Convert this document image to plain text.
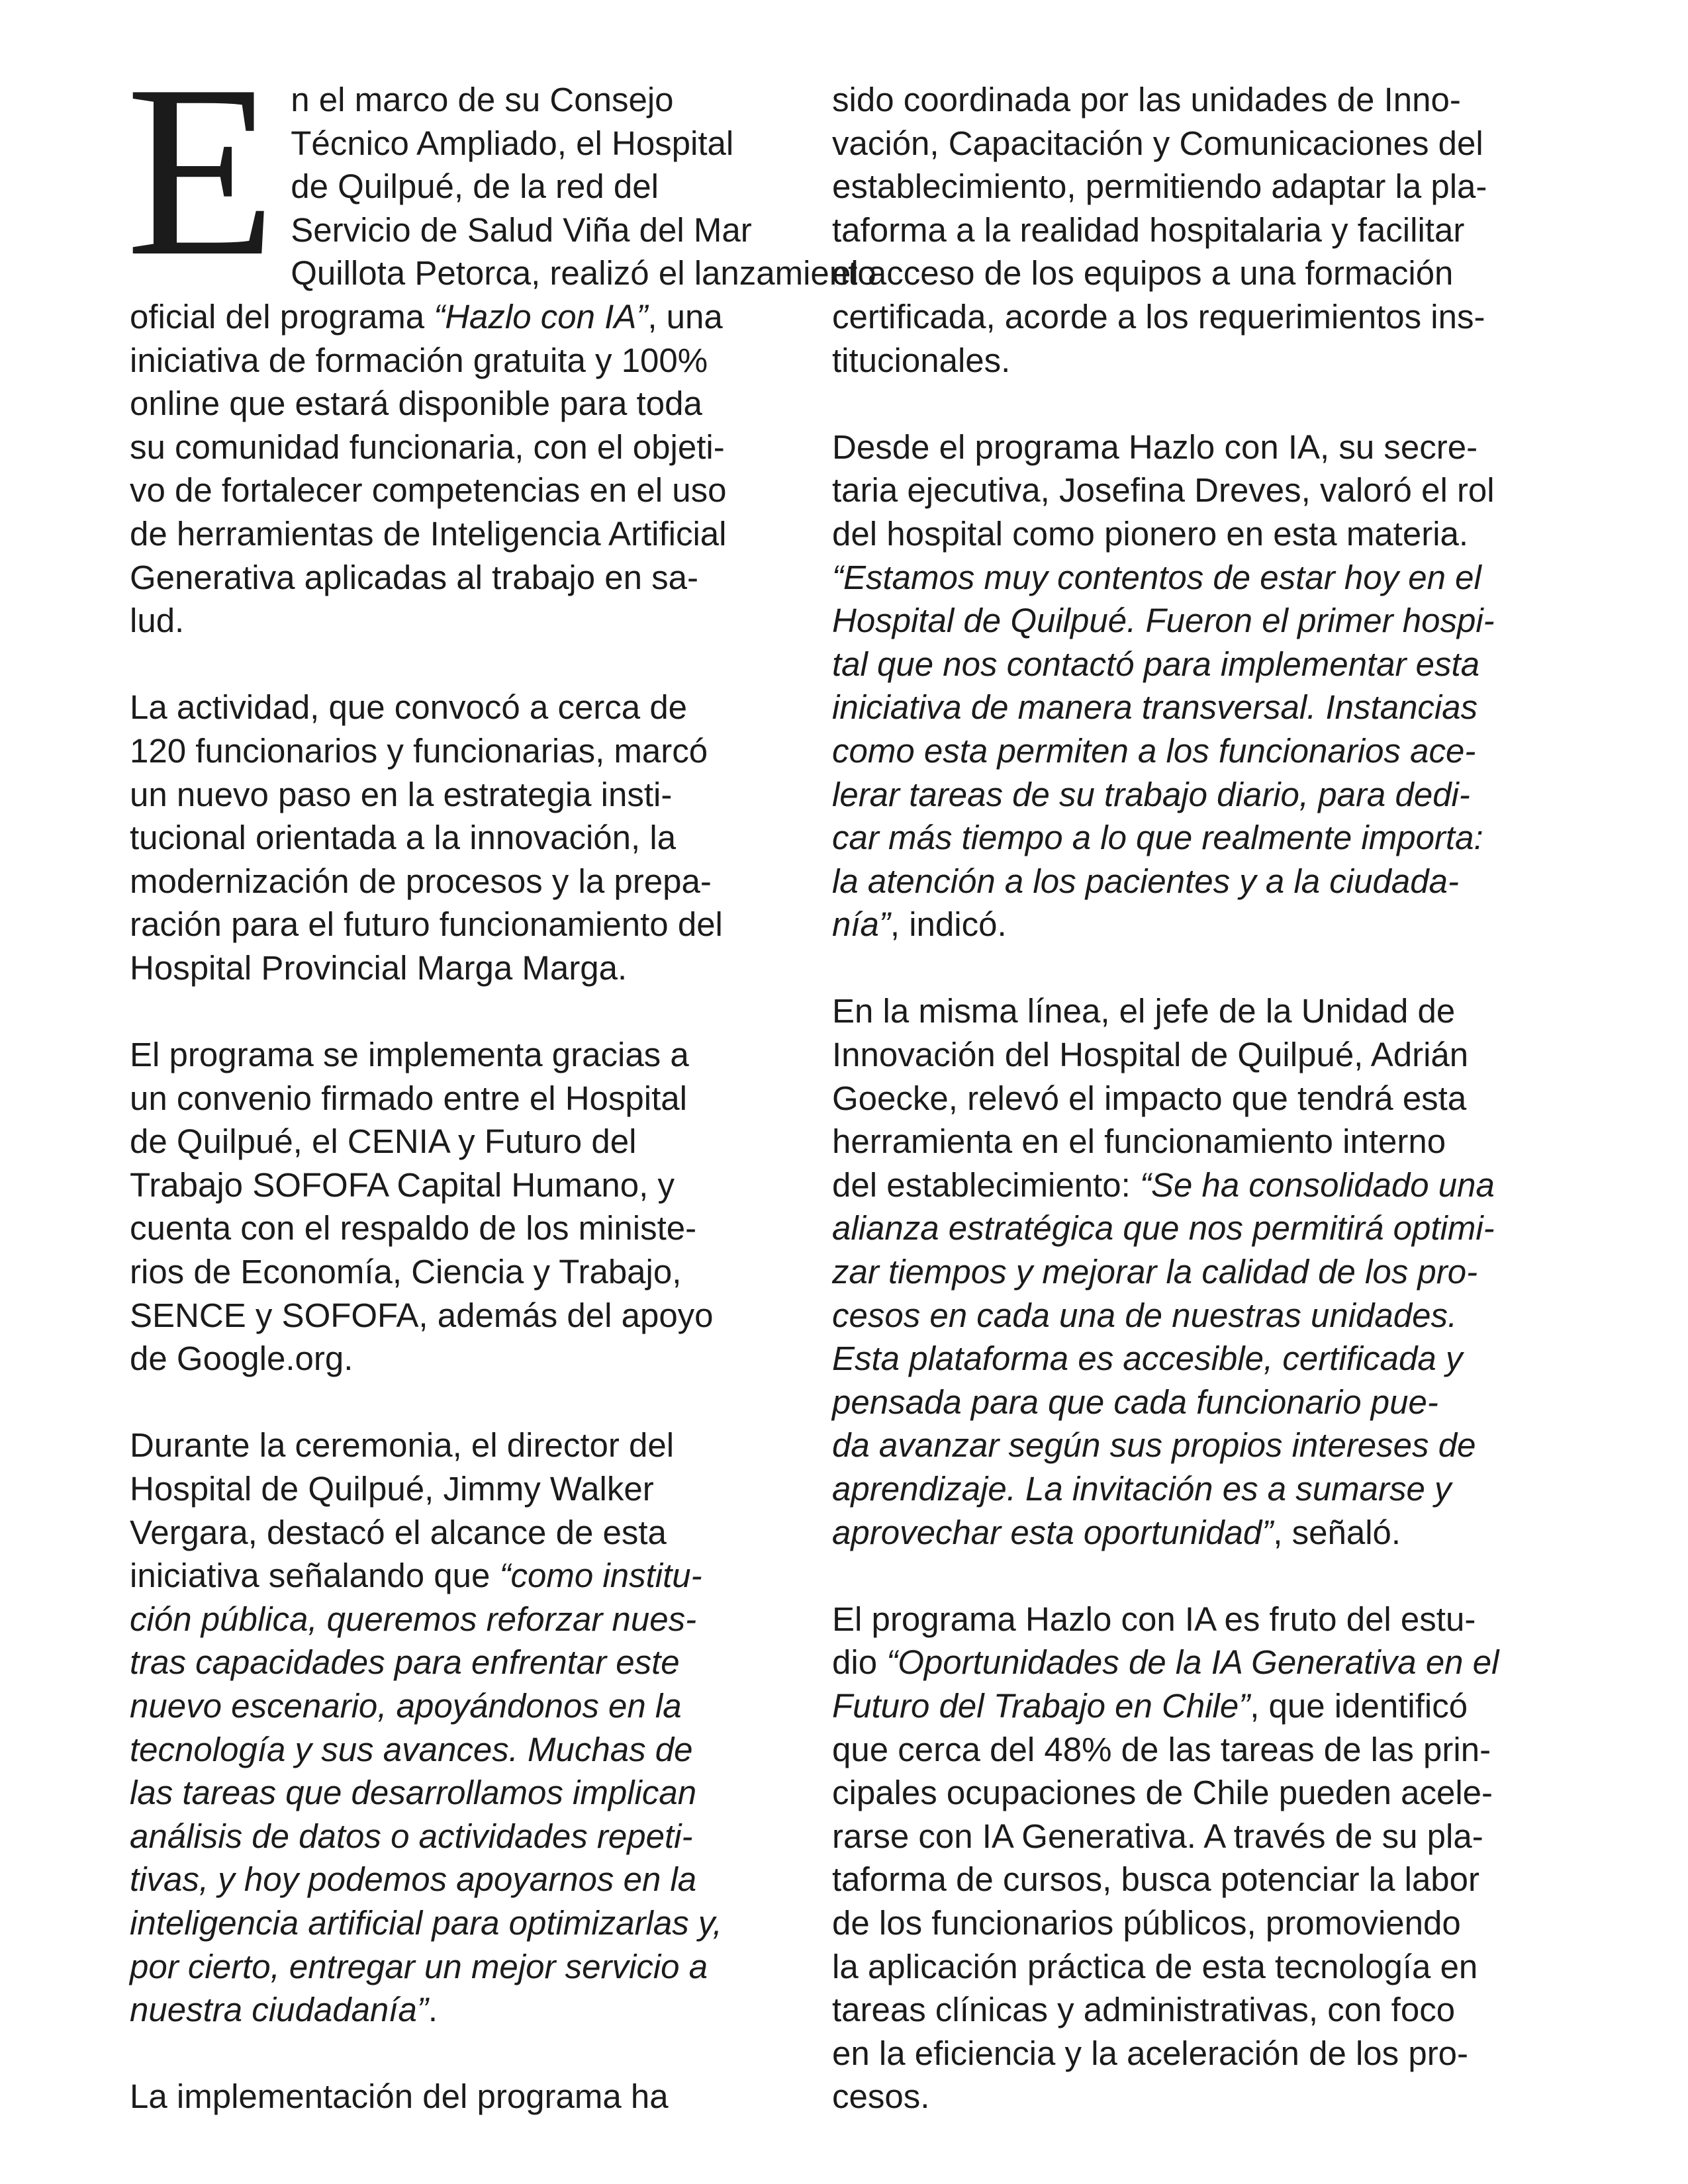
E n el marco de su Consejo
Técnico Ampliado, el Hospital
de Quilpué, de la red del
Servicio de Salud Viña del Mar
Quillota Petorca, realizó el lanzamiento
oficial del programa “Hazlo con IA”, una
iniciativa de formación gratuita y 100%
online que estará disponible para toda
su comunidad funcionaria, con el objeti-
vo de fortalecer competencias en el uso
de herramientas de Inteligencia Artificial
Generativa aplicadas al trabajo en sa-
lud.
La actividad, que convocó a cerca de
120 funcionarios y funcionarias, marcó
un nuevo paso en la estrategia insti-
tucional orientada a la innovación, la
modernización de procesos y la prepa-
ración para el futuro funcionamiento del
Hospital Provincial Marga Marga.
El programa se implementa gracias a
un convenio firmado entre el Hospital
de Quilpué, el CENIA y Futuro del
Trabajo SOFOFA Capital Humano, y
cuenta con el respaldo de los ministe-
rios de Economía, Ciencia y Trabajo,
SENCE y SOFOFA, además del apoyo
de Google.org.
Durante la ceremonia, el director del
Hospital de Quilpué, Jimmy Walker
Vergara, destacó el alcance de esta
iniciativa señalando que “como institu-
ción pública, queremos reforzar nues-
tras capacidades para enfrentar este
nuevo escenario, apoyándonos en la
tecnología y sus avances. Muchas de
las tareas que desarrollamos implican
análisis de datos o actividades repeti-
tivas, y hoy podemos apoyarnos en la
inteligencia artificial para optimizarlas y,
por cierto, entregar un mejor servicio a
nuestra ciudadanía”.
La implementación del programa ha
sido coordinada por las unidades de Inno-
vación, Capacitación y Comunicaciones del
establecimiento, permitiendo adaptar la pla-
taforma a la realidad hospitalaria y facilitar
el acceso de los equipos a una formación
certificada, acorde a los requerimientos ins-
titucionales.
Desde el programa Hazlo con IA, su secre-
taria ejecutiva, Josefina Dreves, valoró el rol
del hospital como pionero en esta materia.
“Estamos muy contentos de estar hoy en el
Hospital de Quilpué. Fueron el primer hospi-
tal que nos contactó para implementar esta
iniciativa de manera transversal. Instancias
como esta permiten a los funcionarios ace-
lerar tareas de su trabajo diario, para dedi-
car más tiempo a lo que realmente importa:
la atención a los pacientes y a la ciudada-
nía”, indicó.
En la misma línea, el jefe de la Unidad de
Innovación del Hospital de Quilpué, Adrián
Goecke, relevó el impacto que tendrá esta
herramienta en el funcionamiento interno
del establecimiento: “Se ha consolidado una
alianza estratégica que nos permitirá optimi-
zar tiempos y mejorar la calidad de los pro-
cesos en cada una de nuestras unidades.
Esta plataforma es accesible, certificada y
pensada para que cada funcionario pue-
da avanzar según sus propios intereses de
aprendizaje. La invitación es a sumarse y
aprovechar esta oportunidad”, señaló.
El programa Hazlo con IA es fruto del estu-
dio “Oportunidades de la IA Generativa en el
Futuro del Trabajo en Chile”, que identificó
que cerca del 48% de las tareas de las prin-
cipales ocupaciones de Chile pueden acele-
rarse con IA Generativa. A través de su pla-
taforma de cursos, busca potenciar la labor
de los funcionarios públicos, promoviendo
la aplicación práctica de esta tecnología en
tareas clínicas y administrativas, con foco
en la eficiencia y la aceleración de los pro-
cesos.
